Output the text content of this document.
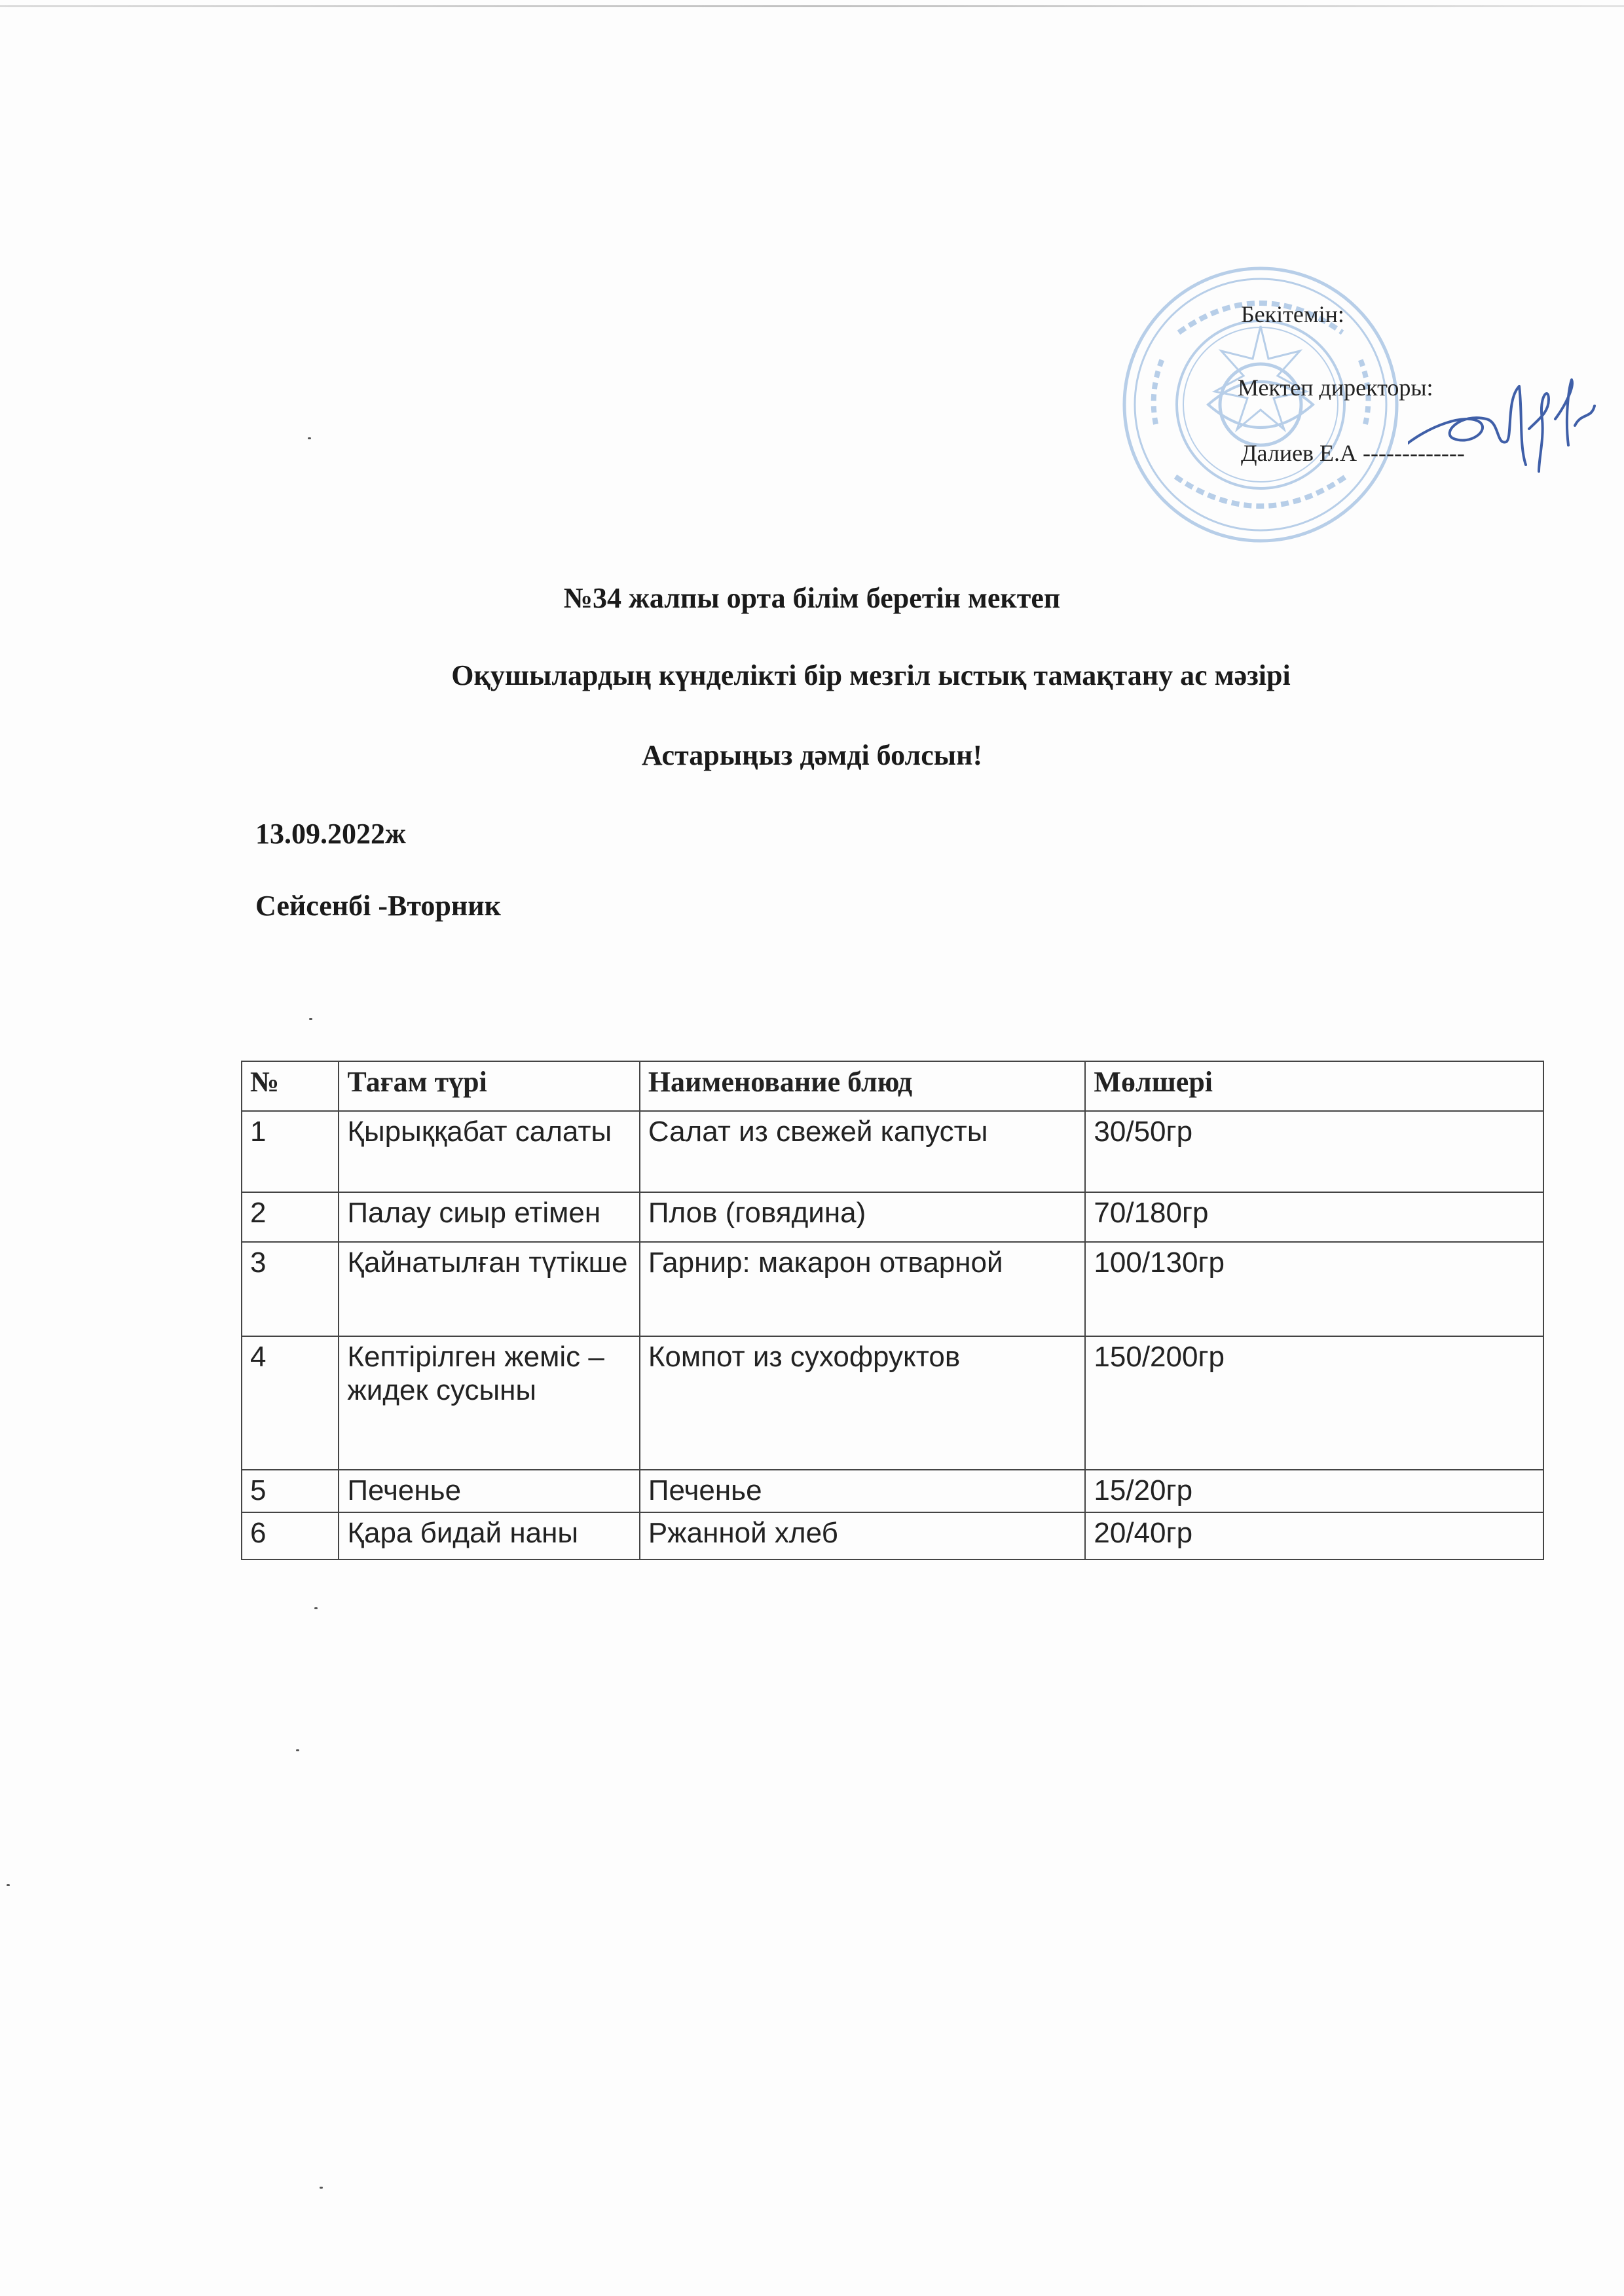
Бекітемін:
Мектеп директоры:
Далиев Е.А -------------
№34 жалпы орта білім беретін мектеп
Оқушылардың күнделікті бір мезгіл ыстық тамақтану ас мәзірі
Астарыңыз дәмді болсын!
13.09.2022ж
Сейсенбі -Вторник
№	Тағам түрі	Наименование блюд	Мөлшері
1	Қырыққабат салаты	Салат из свежей капусты	30/50гр
2	Палау сиыр етімен	Плов (говядина)	70/180гр
3	Қайнатылған түтікше	Гарнир: макарон отварной	100/130гр
4	Кептірілген жеміс – жидек сусыны	Компот из сухофруктов	150/200гр
5	Печенье	Печенье	15/20гр
6	Қара бидай наны	Ржанной хлеб	20/40гр
